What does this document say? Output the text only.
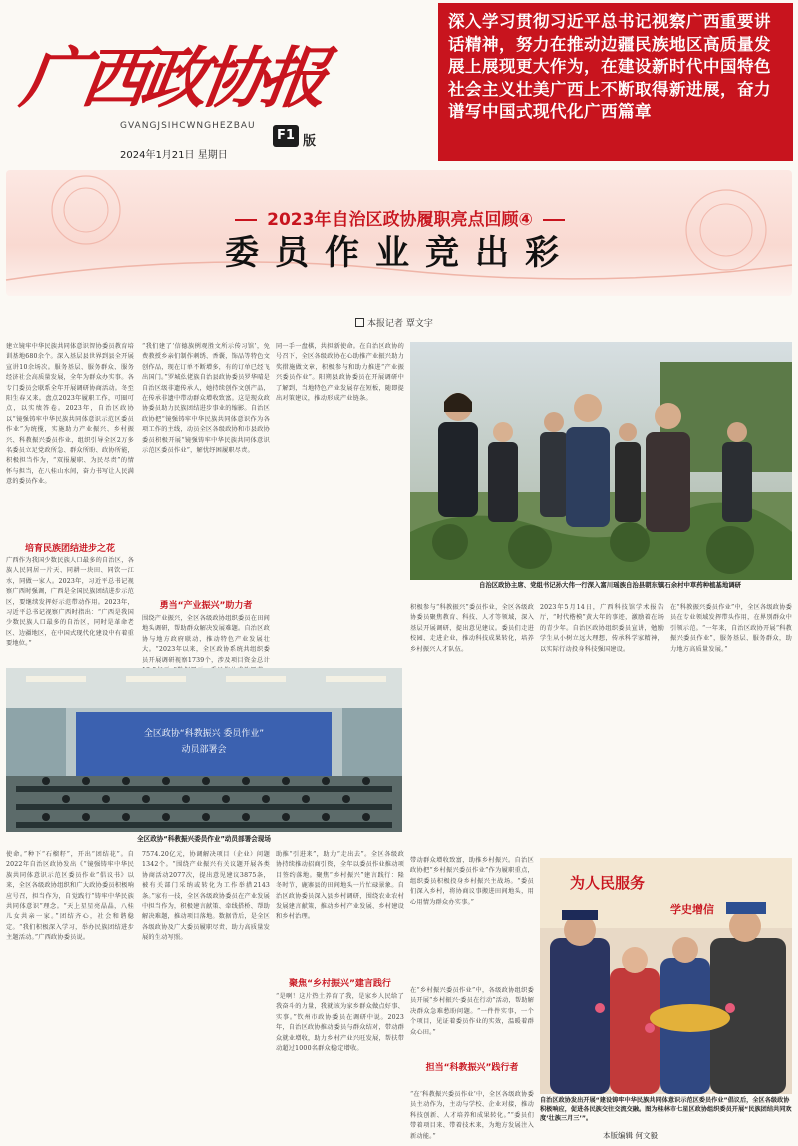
广西政协报
GVANGJSIHCWNGHEZBAU
2024年1月21日 星期日
F1 版
深入学习贯彻习近平总书记视察广西重要讲话精神，努力在推动边疆民族地区高质量发展上展现更大作为，在建设新时代中国特色社会主义壮美广西上不断取得新进展，奋力谱写中国式现代化广西篇章
2023年自治区政协履职亮点回顾④
委员作业竞出彩
本报记者 覃文宇
建立镜牢中华民族共同体意识智协委员教育培训基地680余个。深入基层县世界到县全开展宣讲10余场次。服务基层、服务群众、服务经济社会高质量发展，全年为群众办实事。各专门委员会联系全年开展调研协商活动。冬至阳生春又来。盘点2023年履职工作，可圈可点，以实绩答卷。2023年，自治区政协以“镜强铸牢中华民族共同体意识示范区委员作业”为统揽，实施助力产业振兴、乡村振兴、科教振兴委员作业，组织引导全区2万多名委员立足党政所急、群众所盼、政协所能，积极担当作为，“双报履职、为民尽责”的情怀与担当，在八桂山水间，奋力书写让人民满意的委员作业。
培育民族团结进步之花
广西作为我国少数民族人口最多的自治区，各族人民同居一片天、同耕一块田、同饮一江水，同做一家人。2023年，习近平总书记视察广西时强调，广西是全国民族团结进步示范区，要继续发挥好示范带动作用。2023年，习近平总书记视察广西时指出：“广西是我国少数民族人口最多的自治区，同时是革命老区、边疆地区，在中国式现代化建设中有着重要地位。”
“我们建了‘信德族例观胜文所示传习馆’，免费教授乡亲们制作刺绣、香囊，饰品等特色文创作品，现在订单不断增多，有的订单已经飞出国门。”罗城仫佬族自治县政协委员罗华晴是自治区级非遗传承人，她持续创作文创产品，在传承非遗中带动群众增收致富。这是现众政协委员助力民族团结进步事业的缩影。自治区政协把“镜强铸牢中华民族共同体意识作为各项工作的主线，动员全区各级政协和市县政协委员积极开展“镜强铸牢中华民族共同体意识示范区委员作业”，解忧纾困履职尽责。
勇当“产业振兴”助力者
围绕产业振兴，全区各级政协组织委员在田间地头调研，帮助群众解决发展难题。自治区政协与地方政府联动，推动特色产业发展壮大。“2023年以来，全区政协系统共组织委员开展调研视察1739个，涉及项目资金总计
同一手一盘棋，共担新使命。在自治区政协的号召下，全区各级政协在心助推产业振兴助力奖措施做文章，积极参与和助力推进“产业振兴委员作业”。阳朔县政协委员在开展调研中了解到，当地特色产业发展存在短板，随即提出对策建议，推动形成产业链条。
自治区政协主席、党组书记孙大伟一行深入富川瑶族自治县朝东镇石余村中草药种植基地调研
全区政协“科教振兴 委员作业”
动员部署会
全区政协“科教振兴委员作业”动员部署会现场
积极参与“科教振兴”委员作业，全区各级政协委员聚焦教育、科技、人才等领域，深入基层开展调研，提出意见建议。委员们走进校园、走进企业，推动科技成果转化，培养乡村振兴人才队伍。
2023年5月14日，广西科技馆学术报告厅，“时代楷模”黄大年的事迹，激励着在场的青少年。自治区政协组织委员宣讲，勉励学生从小树立远大理想，传承科学家精神，以实际行动投身科技强国建设。
在“科教振兴委员作业”中，全区各级政协委员在专业领域发挥带头作用，在界别群众中引领示范。“一年来，自治区政协开展“科教振兴委员作业”，服务基层、服务群众，助力地方高质量发展。”
使命。”种下“石榴籽”，开出“团结花”。自2022年自治区政协发出《“镜强铸牢中华民族共同体意识示范区委员作业”倡议书》以来，全区各级政协组织和广大政协委员积极响应号召，担当作为，自觉践行“铸牢中华民族共同体意识”理念。“天上星星亮晶晶，八桂儿女共亲一家。”团结齐心，社会和谐稳定。“我们积极深入学习，举办民族团结进步主题活动。”广西政协委员说。
7574.20亿元，协调解决项目（企业）问题1342个。“围绕产业振兴有关议题开展各类协商活动2077次，提出意见建议3875条，被有关部门采纳或转化为工作举措2143条。”家有一技，全区各级政协委员在产业发展中担当作为，积极建言献策、牵线搭桥、帮助解决难题，推动项目落地。数据背后，是全区各级政协及广大委员履职尽责、助力高质量发展的生动写照。
助推“引进来”，助力“走出去”。全区各级政协持续推动招商引资，全年以委员作业推动项目签约落地。聚焦“乡村振兴”建言践行：隆冬时节，鹿寨县的田间地头一片忙碌景象。自治区政协委员深入县乡村调研，围绕农业农村发展建言献策，推动乡村产业发展、乡村建设和乡村治理。
聚焦“乡村振兴”建言践行
“是啊！这片热土养育了我，是家乡人民给了我奋斗的力量，我就该为家乡群众做点好事、实事。”钦州市政协委员在调研中说。2023年，自治区政协推动委员与群众结对，带动群众就业增收，助力乡村产业兴旺发展，帮扶带动超过1000名群众稳定增收。
带动群众增收致富，助推乡村振兴。自治区政协把“乡村振兴委员作业”作为履职重点，组织委员积极投身乡村振兴主战场。“委员们深入乡村，将协商议事搬进田间地头，用心用情为群众办实事。”
在“乡村振兴委员作业”中，各级政协组织委员开展“乡村振兴·委员在行动”活动，帮助解决群众急难愁盼问题。“一件件实事，一个个项目，见证着委员作业的实效，温暖着群众心田。”
担当“科教振兴”践行者
“在‘科教振兴委员作业’中，全区各级政协委员主动作为，主动与学校、企业对接，推动科技创新、人才培养和成果转化。”“委员们带着项目来、带着技术来，为地方发展注入新动能。”
为人民服务
学史增信
自治区政协发出开展“建设铸牢中华民族共同体意识示范区委员作业”倡议后，全区各级政协积极响应，促进各民族交往交流交融。图为桂林市七星区政协组织委员开展“民族团结共同欢度‘壮族三月三’”。
本版编辑 何文毅
